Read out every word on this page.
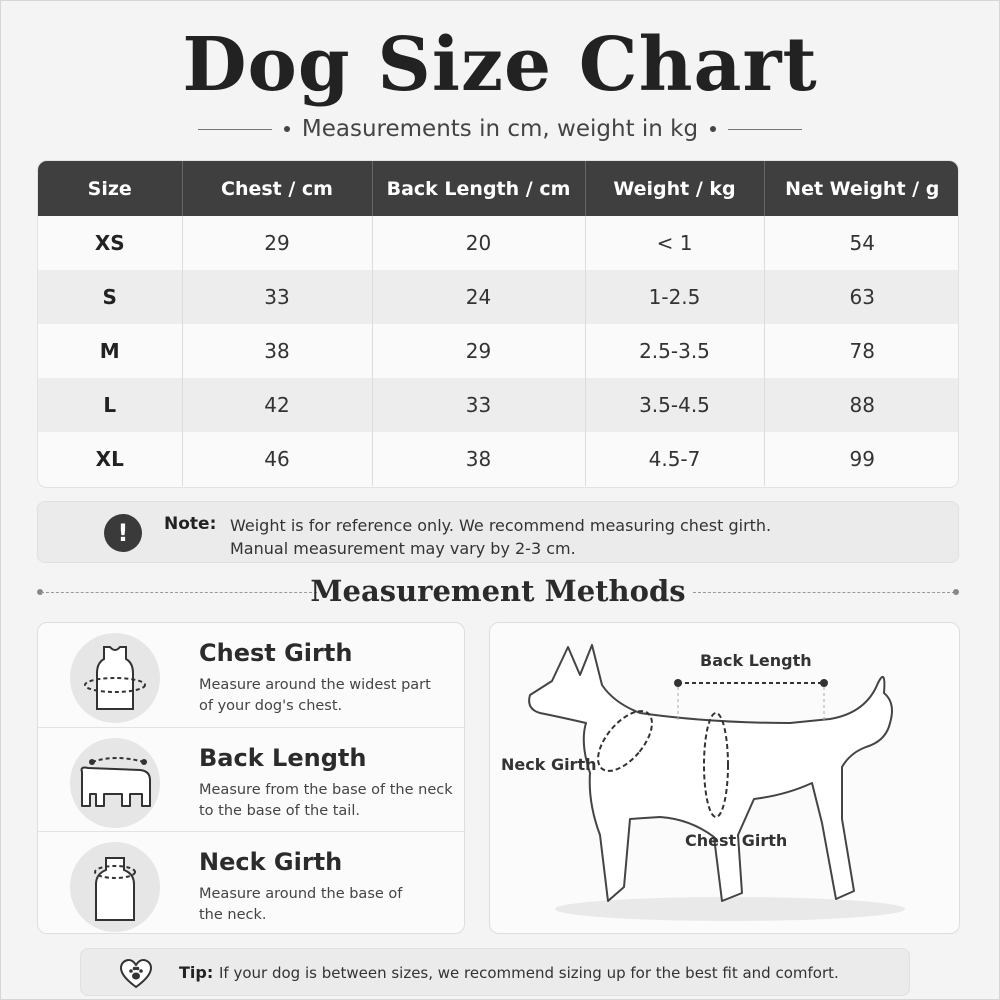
Dog Size Chart
Measurements in cm, weight in kg
Size	Chest / cm	Back Length / cm	Weight / kg	Net Weight / g
XS	29	20	< 1	54
S	33	24	1-2.5	63
M	38	29	2.5-3.5	78
L	42	33	3.5-4.5	88
XL	46	38	4.5-7	99
!	Note: Weight is for reference only. We recommend measuring chest girth.
Manual measurement may vary by 2-3 cm.
Measurement Methods
Chest Girth
Measure around the widest part
of your dog's chest.
Back Length
Measure from the base of the neck
to the base of the tail.
Neck Girth
Measure around the base of
the neck.
Back Length
Neck Girth
Chest Girth
Tip: If your dog is between sizes, we recommend sizing up for the best fit and comfort.
